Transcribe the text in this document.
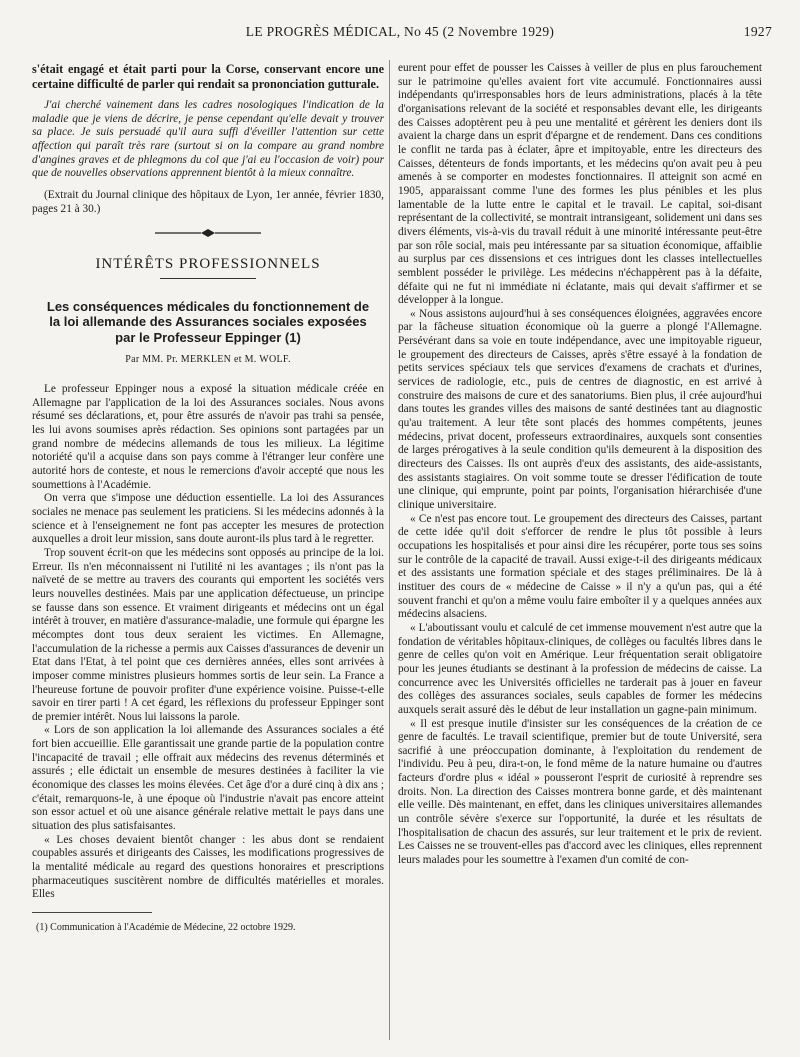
LE PROGRÈS MÉDICAL, No 45 (2 Novembre 1929)	1927

s'était engagé et était parti pour la Corse, conservant encore une certaine difficulté de parler qui rendait sa prononciation gutturale.

J'ai cherché vainement dans les cadres nosologiques l'indication de la maladie que je viens de décrire, je pense cependant qu'elle devait y trouver sa place. Je suis persuadé qu'il aura suffi d'éveiller l'attention sur cette affection qui paraît très rare (surtout si on la compare au grand nombre d'angines graves et de phlegmons du col que j'ai eu l'occasion de voir) pour que de nouvelles observations apprennent bientôt à la mieux connaître.

(Extrait du Journal clinique des hôpitaux de Lyon, 1er année, février 1830, pages 21 à 30.)

INTÉRÊTS PROFESSIONNELS
Les conséquences médicales du fonctionnement de la loi allemande des Assurances sociales exposées par le Professeur Eppinger (1)
Par MM. Pr. MERKLEN et M. WOLF.

Le professeur Eppinger nous a exposé la situation médicale créée en Allemagne par l'application de la loi des Assurances sociales. Nous avons résumé ses déclarations, et, pour être assurés de n'avoir pas trahi sa pensée, les lui avons soumises après rédaction. Ses opinions sont partagées par un grand nombre de médecins allemands de tous les milieux. La légitime notoriété qu'il a acquise dans son pays comme à l'étranger leur confère une autorité hors de conteste, et nous le remercions d'avoir accepté que nous les soumettions à l'Académie.

On verra que s'impose une déduction essentielle. La loi des Assurances sociales ne menace pas seulement les praticiens. Si les médecins adonnés à la science et à l'enseignement ne font pas accepter les mesures de protection auxquelles a droit leur mission, sans doute auront-ils plus tard à le regretter.

Trop souvent écrit-on que les médecins sont opposés au principe de la loi. Erreur. Ils n'en méconnaissent ni l'utilité ni les avantages ; ils n'ont pas la naïveté de se mettre au travers des courants qui emportent les sociétés vers leurs nouvelles destinées. Mais par une application défectueuse, un principe se fausse dans son essence. Et vraiment dirigeants et médecins ont un égal intérêt à trouver, en matière d'assurance-maladie, une formule qui épargne les mécomptes dont tous deux seraient les victimes. En Allemagne, l'accumulation de la richesse a permis aux Caisses d'assurances de devenir un Etat dans l'Etat, à tel point que ces dernières années, elles sont arrivées à imposer comme ministres plusieurs hommes sortis de leur sein. La France a l'heureuse fortune de pouvoir profiter d'une expérience voisine. Puisse-t-elle savoir en tirer parti ! A cet égard, les réflexions du professeur Eppinger sont de premier intérêt. Nous lui laissons la parole.

« Lors de son application la loi allemande des Assurances sociales a été fort bien accueillie. Elle garantissait une grande partie de la population contre l'incapacité de travail ; elle offrait aux médecins des revenus déterminés et assurés ; elle édictait un ensemble de mesures destinées à faciliter la vie économique des classes les moins élevées. Cet âge d'or a duré cinq à dix ans ; c'était, remarquons-le, à une époque où l'industrie n'avait pas encore atteint son essor actuel et où une aisance générale relative mettait le pays dans une situation des plus satisfaisantes.

« Les choses devaient bientôt changer : les abus dont se rendaient coupables assurés et dirigeants des Caisses, les modifications progressives de la mentalité médicale au regard des questions honoraires et prescriptions pharmaceutiques suscitèrent nombre de difficultés matérielles et morales. Elles

(1) Communication à l'Académie de Médecine, 22 octobre 1929.

eurent pour effet de pousser les Caisses à veiller de plus en plus farouchement sur le patrimoine qu'elles avaient fort vite accumulé. Fonctionnaires aussi indépendants qu'irresponsables hors de leurs administrations, placés à la tête d'organisations relevant de la société et responsables devant elle, les dirigeants des Caisses adoptèrent peu à peu une mentalité et gérèrent les deniers dont ils avaient la charge dans un esprit d'épargne et de rendement. Dans ces conditions le conflit ne tarda pas à éclater, âpre et impitoyable, entre les directeurs des Caisses, détenteurs de fonds importants, et les médecins qu'on avait peu à peu amenés à se comporter en modestes fonctionnaires. Il atteignit son acmé en 1905, apparaissant comme l'une des formes les plus pénibles et les plus lamentable de la lutte entre le capital et le travail. Le capital, soi-disant représentant de la collectivité, se montrait intransigeant, solidement uni dans ses divers éléments, vis-à-vis du travail réduit à une minorité intéressante peut-être par son rôle social, mais peu intéressante par sa situation économique, affaiblie au surplus par ces dissensions et ces intrigues dont les classes intellectuelles semblent posséder le privilège. Les médecins n'échappèrent pas à la défaite, défaite qui ne fut ni immédiate ni éclatante, mais qui devait s'affirmer et se développer à la longue.

« Nous assistons aujourd'hui à ses conséquences éloignées, aggravées encore par la fâcheuse situation économique où la guerre a plongé l'Allemagne. Persévérant dans sa voie en toute indépendance, avec une impitoyable rigueur, le groupement des directeurs de Caisses, après s'être essayé à la fondation de petits services spéciaux tels que services d'examens de crachats et d'urines, services de radiologie, etc., puis de centres de diagnostic, en est arrivé à construire des maisons de cure et des sanatoriums. Bien plus, il crée aujourd'hui dans toutes les grandes villes des maisons de santé destinées tant au diagnostic qu'au traitement. A leur tête sont placés des hommes compétents, jeunes médecins, privat docent, professeurs extraordinaires, auxquels sont consenties de larges prérogatives à la seule condition qu'ils demeurent à la disposition des directeurs des Caisses. Ils ont auprès d'eux des assistants, des aide-assistants, des assistants stagiaires. On voit somme toute se dresser l'édification de toute une clinique, qui emprunte, point par points, l'organisation hiérarchisée d'une clinique universitaire.

« Ce n'est pas encore tout. Le groupement des directeurs des Caisses, partant de cette idée qu'il doit s'efforcer de rendre le plus tôt possible à leurs occupations les hospitalisés et pour ainsi dire les récupérer, porte tous ses soins sur le contrôle de la capacité de travail. Aussi exige-t-il des dirigeants médicaux et des assistants une formation spéciale et des stages préliminaires. De là à instituer des cours de « médecine de Caisse » il n'y a qu'un pas, qui a été souvent franchi et qu'on a même voulu faire emboîter il y a quelques années aux médecins alsaciens.

« L'aboutissant voulu et calculé de cet immense mouvement n'est autre que la fondation de véritables hôpitaux-cliniques, de collèges ou facultés libres dans le genre de celles qu'on voit en Amérique. Leur fréquentation serait obligatoire pour les jeunes étudiants se destinant à la profession de médecins de caisse. La concurrence avec les Universités officielles ne tarderait pas à jouer en faveur des collèges des assurances sociales, seuls capables de former les médecins auxquels serait assuré dès le début de leur installation un gagne-pain minimum.

« Il est presque inutile d'insister sur les conséquences de la création de ce genre de facultés. Le travail scientifique, premier but de toute Université, sera sacrifié à une préoccupation dominante, à l'exploitation du rendement de l'individu. Peu à peu, dira-t-on, le fond même de la nature humaine ou d'autres facteurs d'ordre plus « idéal » pousseront l'esprit de curiosité à reprendre ses droits. Non. La direction des Caisses montrera bonne garde, et dès maintenant elle veille. Dès maintenant, en effet, dans les cliniques universitaires allemandes un contrôle sévère s'exerce sur l'opportunité, la durée et les résultats de l'hospitalisation de chacun des assurés, sur leur traitement et le prix de revient. Les Caisses ne se trouvent-elles pas d'accord avec les cliniques, elles reprennent leurs malades pour les soumettre à l'examen d'un comité de con-
